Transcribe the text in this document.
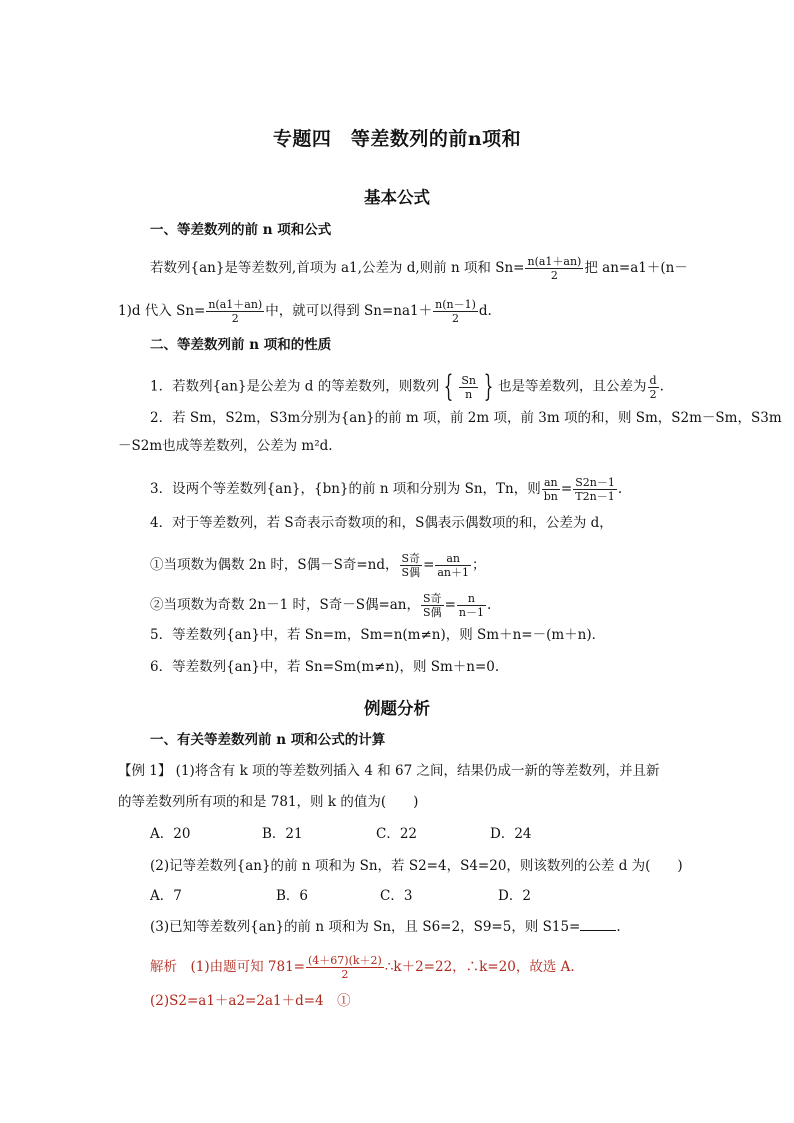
专题四　等差数列的前n项和
基本公式
一、等差数列的前 n 项和公式
若数列{an}是等差数列,首项为 a1,公差为 d,则前 n 项和 $Sn= \frac{n(a1+an)}{2}$ 把 an=a1＋(n－
1)d 代入 $Sn= \frac{n(a1+an)}{2}$ 中，就可以得到 $Sn=na1+ \frac{n(n-1)}{2} d$.
二、等差数列前 n 项和的性质
1．若数列{an}是公差为 d 的等差数列，则数列 { $\frac{Sn}{n}$ } 也是等差数列，且公差为 $\frac{d}{2}$ .
2．若 Sm，S2m，S3m分别为{an}的前 m 项，前 2m 项，前 3m 项的和，则 Sm，S2m－Sm，S3m
－S2m也成等差数列，公差为 m²d.
3．设两个等差数列{an}，{bn}的前 n 项和分别为 Sn，Tn，则 $\frac{an}{bn} = \frac{S2n-1}{T2n-1}$ .
4．对于等差数列，若 S奇表示奇数项的和，S偶表示偶数项的和，公差为 d，
①当项数为偶数 2n 时，S偶－S奇=nd， $\frac{\text{S奇}}{\text{S偶}} = \frac{an}{an+1}$ ；
②当项数为奇数 2n－1 时，S奇－S偶=an， $\frac{\text{S奇}}{\text{S偶}} = \frac{n}{n-1}$ .
5．等差数列{an}中，若 Sn=m，Sm=n(m≠n)，则 Sm＋n=－(m＋n)．
6．等差数列{an}中，若 Sn=Sm(m≠n)，则 Sm＋n=0.
例题分析
一、有关等差数列前 n 项和公式的计算
【例 1】 (1)将含有 k 项的等差数列插入 4 和 67 之间，结果仍成一新的等差数列，并且新
的等差数列所有项的和是 781，则 k 的值为(　　)
A．20	B．21	C．22	D．24
(2)记等差数列{an}的前 n 项和为 Sn，若 S2=4，S4=20，则该数列的公差 d 为(　　)
A．7	B．6	C．3	D．2
(3)已知等差数列{an}的前 n 项和为 Sn，且 S6=2，S9=5，则 S15=	.
解析　(1)由题可知 $781= \frac{(4+67)(k+2)}{2}$ ∴k＋2=22，∴k=20，故选 A.
(2)S2=a1＋a2=2a1＋d=4　①
